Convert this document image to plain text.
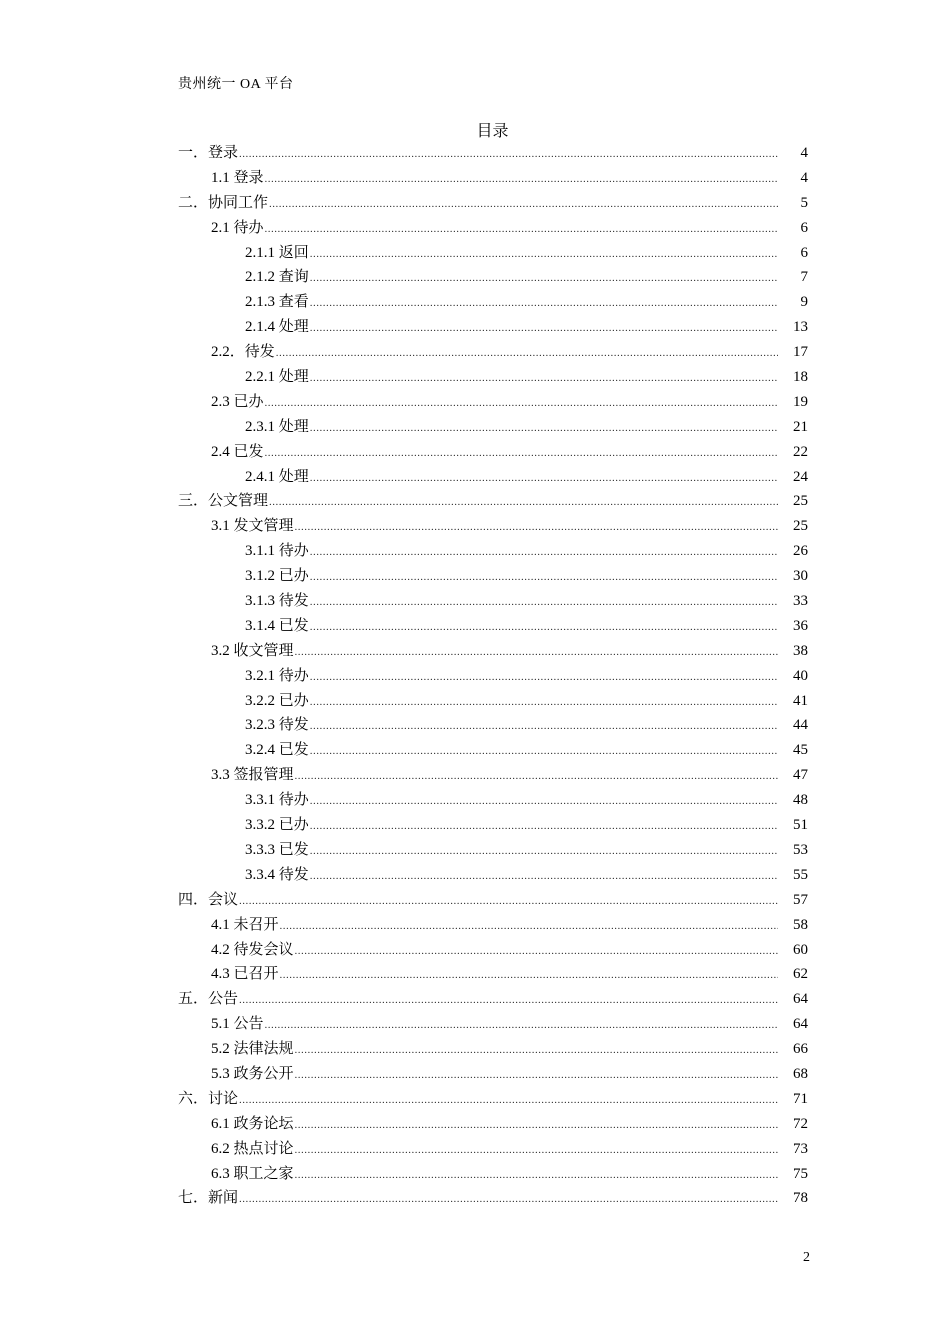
贵州统一 OA 平台
目录
一．登录 .....	4
1.1 登录 .....	4
二．协同工作 .....	5
2.1 待办 .....	6
2.1.1 返回 .....	6
2.1.2 查询 .....	7
2.1.3 查看 .....	9
2.1.4 处理 .....	13
2.2．待发 .....	17
2.2.1 处理 .....	18
2.3 已办 .....	19
2.3.1 处理 .....	21
2.4 已发 .....	22
2.4.1 处理 .....	24
三．公文管理 .....	25
3.1 发文管理 .....	25
3.1.1 待办 .....	26
3.1.2 已办 .....	30
3.1.3 待发 .....	33
3.1.4 已发 .....	36
3.2 收文管理 .....	38
3.2.1 待办 .....	40
3.2.2 已办 .....	41
3.2.3 待发 .....	44
3.2.4 已发 .....	45
3.3 签报管理 .....	47
3.3.1 待办 .....	48
3.3.2 已办 .....	51
3.3.3 已发 .....	53
3.3.4 待发 .....	55
四．会议 .....	57
4.1 未召开 .....	58
4.2 待发会议 .....	60
4.3 已召开 .....	62
五．公告 .....	64
5.1 公告 .....	64
5.2 法律法规 .....	66
5.3 政务公开 .....	68
六．讨论 .....	71
6.1 政务论坛 .....	72
6.2 热点讨论 .....	73
6.3 职工之家 .....	75
七．新闻 .....	78
2
